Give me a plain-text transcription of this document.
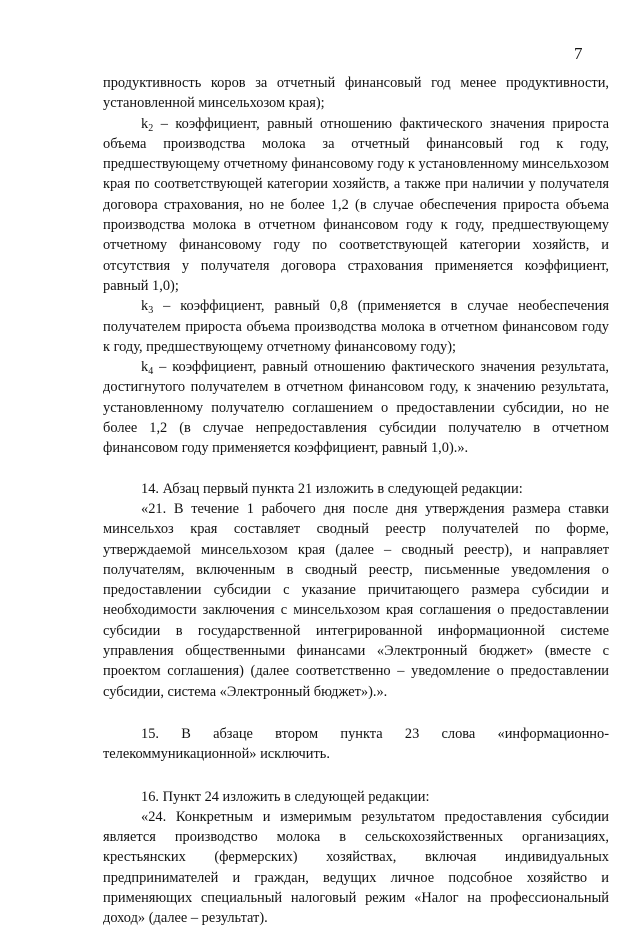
7

продуктивность коров за отчетный финансовый год менее продуктивности, установленной минсельхозом края);

$k_2$ – коэффициент, равный отношению фактического значения прироста объема производства молока за отчетный финансовый год к году, предшествующему отчетному финансовому году к установленному минсельхозом края по соответствующей категории хозяйств, а также при наличии у получателя договора страхования, но не более 1,2 (в случае обеспечения прироста объема производства молока в отчетном финансовом году к году, предшествующему отчетному финансовому году по соответствующей категории хозяйств, и отсутствия у получателя договора страхования применяется коэффициент, равный 1,0);

$k_3$ – коэффициент, равный 0,8 (применяется в случае необеспечения получателем прироста объема производства молока в отчетном финансовом году к году, предшествующему отчетному финансовому году);

$k_4$ – коэффициент, равный отношению фактического значения результата, достигнутого получателем в отчетном финансовом году, к значению результата, установленному получателю соглашением о предоставлении субсидии, но не более 1,2 (в случае непредоставления субсидии получателю в отчетном финансовом году применяется коэффициент, равный 1,0).».

14. Абзац первый пункта 21 изложить в следующей редакции:

«21. В течение 1 рабочего дня после дня утверждения размера ставки минсельхоз края составляет сводный реестр получателей по форме, утверждаемой минсельхозом края (далее – сводный реестр), и направляет получателям, включенным в сводный реестр, письменные уведомления о предоставлении субсидии с указание причитающего размера субсидии и необходимости заключения с минсельхозом края соглашения о предоставлении субсидии в государственной интегрированной информационной системе управления общественными финансами «Электронный бюджет» (вместе с проектом соглашения) (далее соответственно – уведомление о предоставлении субсидии, система «Электронный бюджет»).».

15. В абзаце втором пункта 23 слова «информационно-телекоммуникационной» исключить.

16. Пункт 24 изложить в следующей редакции:

«24. Конкретным и измеримым результатом предоставления субсидии является производство молока в сельскохозяйственных организациях, крестьянских (фермерских) хозяйствах, включая индивидуальных предпринимателей и граждан, ведущих личное подсобное хозяйство и применяющих специальный налоговый режим «Налог на профессиональный доход» (далее – результат).
